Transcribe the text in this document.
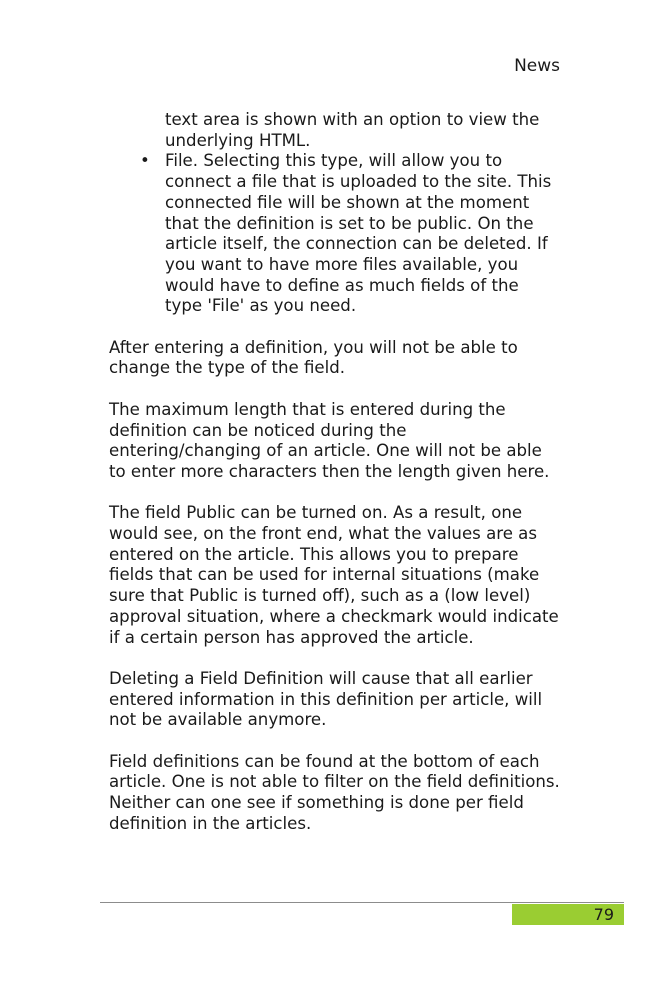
News

text area is shown with an option to view the underlying HTML.

• File. Selecting this type, will allow you to connect a file that is uploaded to the site. This connected file will be shown at the moment that the definition is set to be public. On the article itself, the connection can be deleted. If you want to have more files available, you would have to define as much fields of the type 'File' as you need.

After entering a definition, you will not be able to change the type of the field.

The maximum length that is entered during the definition can be noticed during the entering/changing of an article. One will not be able to enter more characters then the length given here.

The field Public can be turned on. As a result, one would see, on the front end, what the values are as entered on the article. This allows you to prepare fields that can be used for internal situations (make sure that Public is turned off), such as a (low level) approval situation, where a checkmark would indicate if a certain person has approved the article.

Deleting a Field Definition will cause that all earlier entered information in this definition per article, will not be available anymore.

Field definitions can be found at the bottom of each article. One is not able to filter on the field definitions. Neither can one see if something is done per field definition in the articles.

79
